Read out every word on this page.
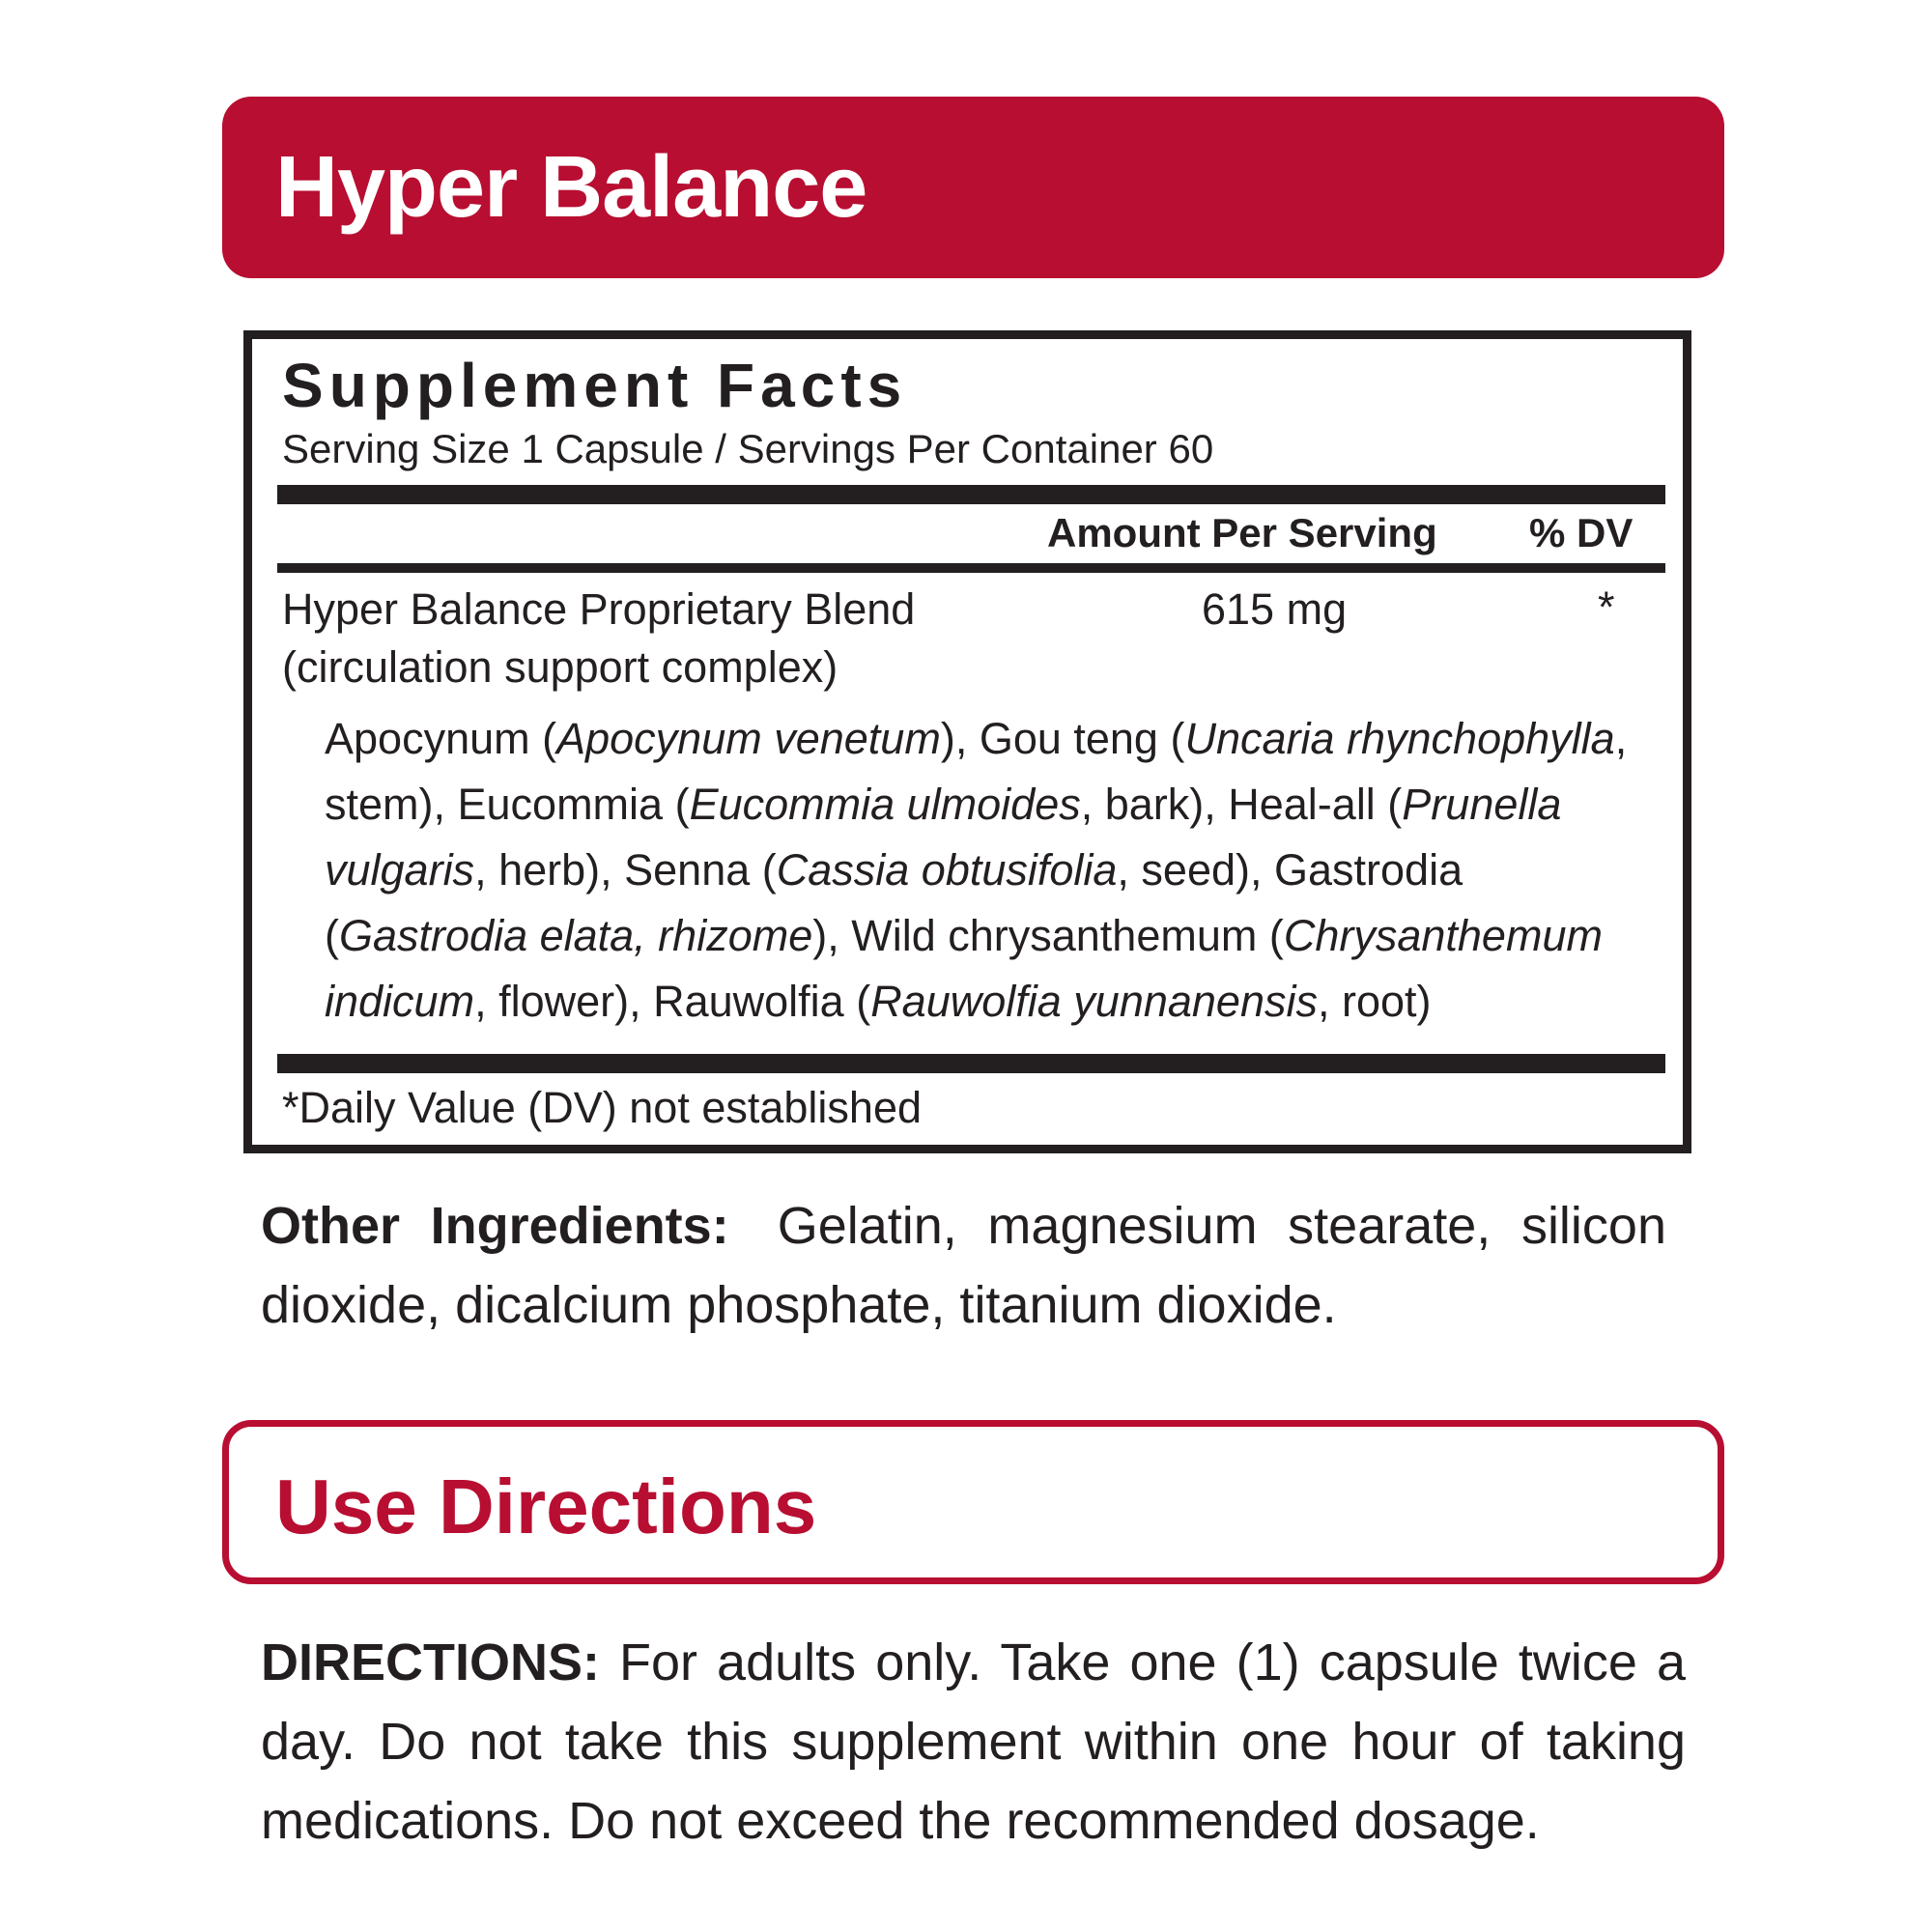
Hyper Balance
Supplement Facts
Serving Size 1 Capsule / Servings Per Container 60
Amount Per Serving % DV
Hyper Balance Proprietary Blend
(circulation support complex)
615 mg	*
Apocynum (Apocynum venetum), Gou teng (Uncaria rhynchophylla, stem), Eucommia (Eucommia ulmoides, bark), Heal-all (Prunella vulgaris, herb), Senna (Cassia obtusifolia, seed), Gastrodia (Gastrodia elata, rhizome), Wild chrysanthemum (Chrysanthemum indicum, flower), Rauwolfia (Rauwolfia yunnanensis, root)
*Daily Value (DV) not established
Other Ingredients: Gelatin, magnesium stearate, silicon dioxide, dicalcium phosphate, titanium dioxide.
Use Directions
DIRECTIONS: For adults only. Take one (1) capsule twice a day. Do not take this supplement within one hour of taking medications. Do not exceed the recommended dosage.
